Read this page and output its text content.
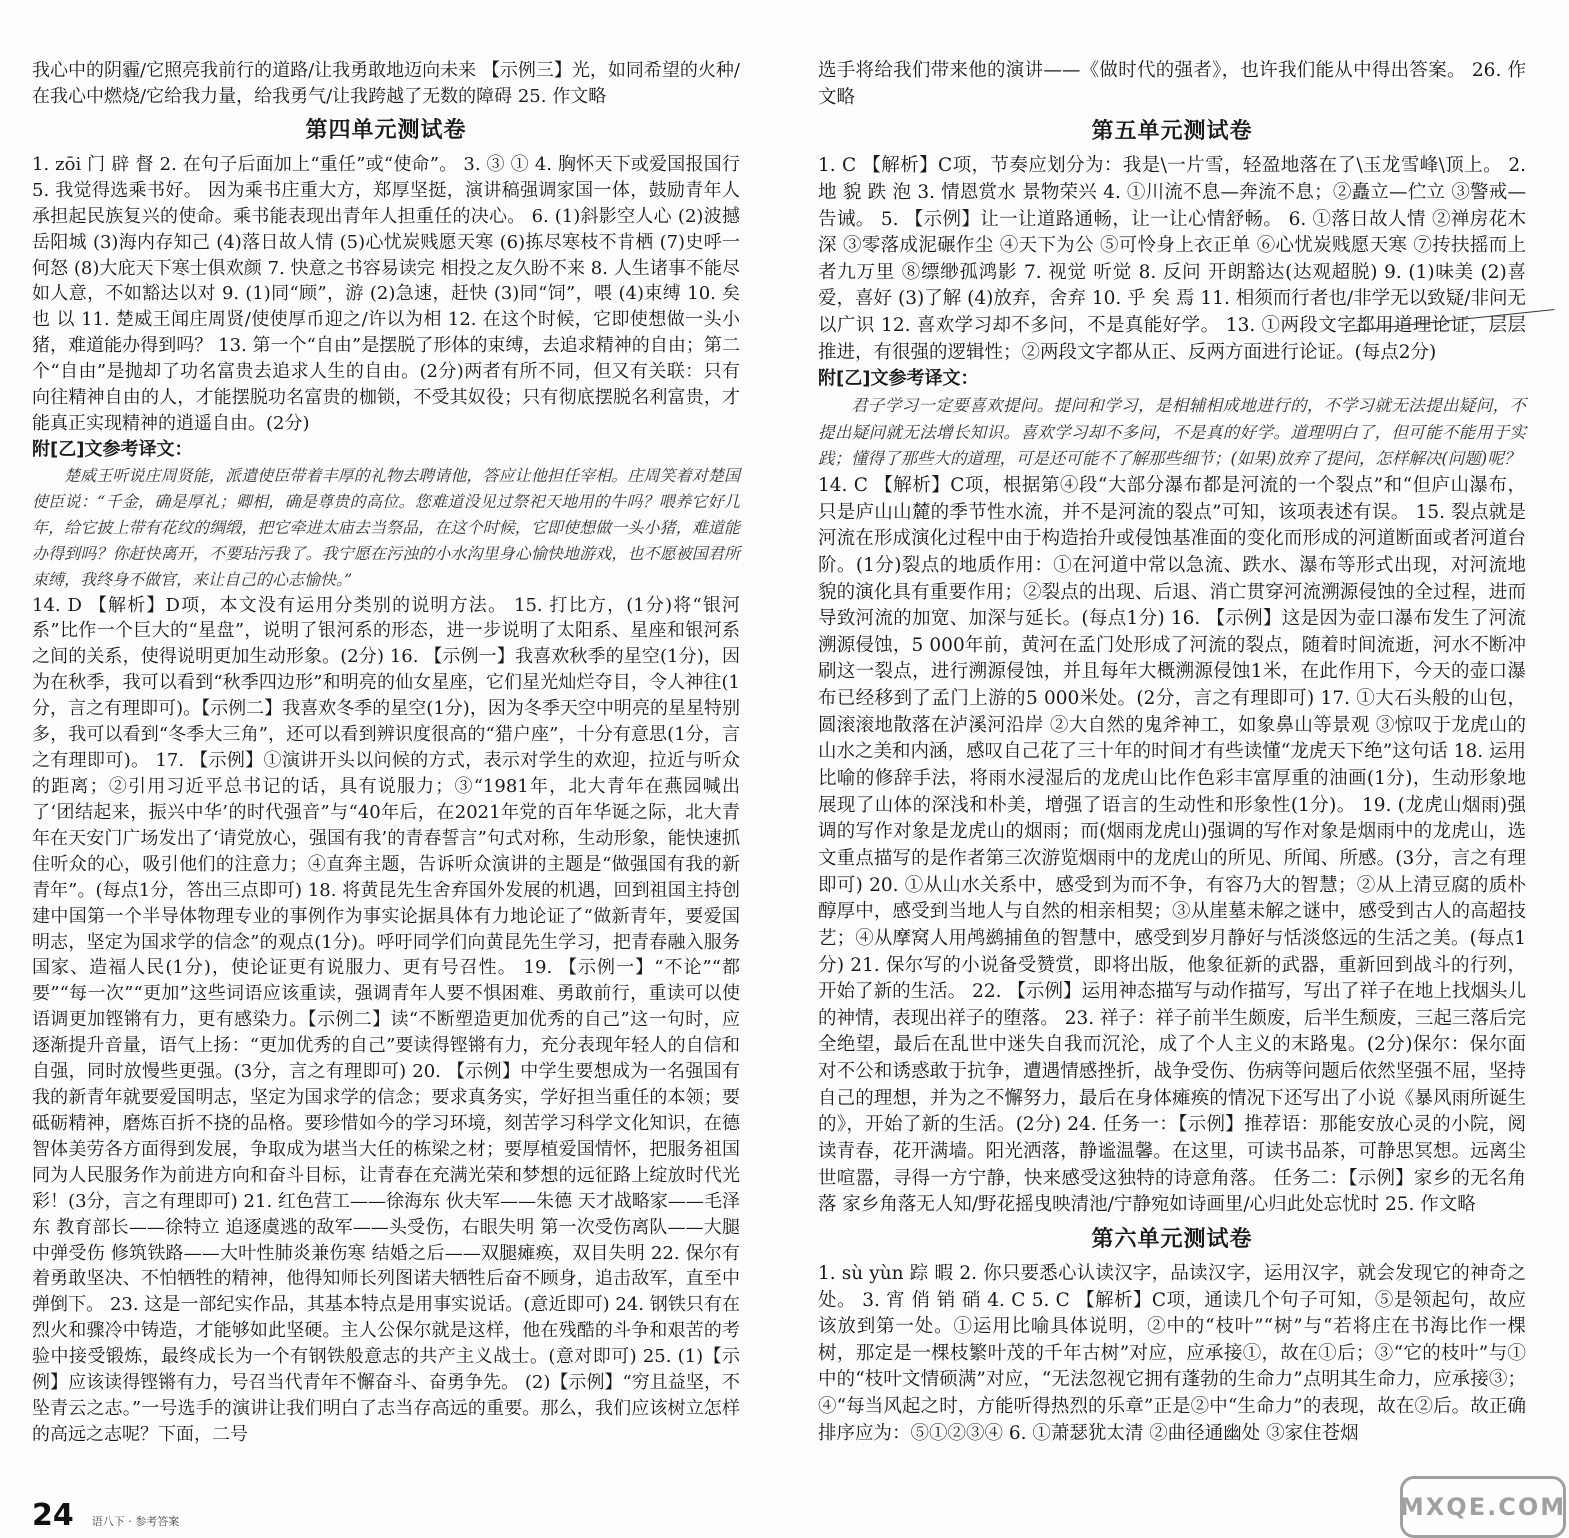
我心中的阴霾/它照亮我前行的道路/让我勇敢地迈向未来 【示例三】光，如同希望的火种/在我心中燃烧/它给我力量，给我勇气/让我跨越了无数的障碍 25. 作文略

第四单元测试卷

1. zōi 门 辟 督 2. 在句子后面加上“重任”或“使命”。 3. ③ ① 4. 胸怀天下或爱国报国行 5. 我觉得选乘书好。 因为乘书庄重大方，郑厚坚挺，演讲稿强调家国一体，鼓励青年人承担起民族复兴的使命。乘书能表现出青年人担重任的决心。 6. (1)斜影空人心 (2)波撼岳阳城 (3)海内存知己 (4)落日故人情 (5)心忧炭贱愿天寒 (6)拣尽寒枝不肯栖 (7)史呼一何怒 (8)大庇天下寒士俱欢颜 7. 快意之书容易读完 相投之友久盼不来 8. 人生诸事不能尽如人意，不如豁达以对 9. (1)同“顾”，游 (2)急速，赶快 (3)同“饲”，喂 (4)束缚 10. 矣 也 以 11. 楚威王闻庄周贤/使使厚币迎之/许以为相 12. 在这个时候，它即使想做一头小猪，难道能办得到吗？ 13. 第一个“自由”是摆脱了形体的束缚，去追求精神的自由；第二个“自由”是抛却了功名富贵去追求人生的自由。(2分)两者有所不同，但又有关联：只有向往精神自由的人，才能摆脱功名富贵的枷锁，不受其奴役；只有彻底摆脱名利富贵，才能真正实现精神的逍遥自由。(2分)

附[乙]文参考译文：

楚威王听说庄周贤能，派遣使臣带着丰厚的礼物去聘请他，答应让他担任宰相。庄周笑着对楚国使臣说：“千金，确是厚礼；卿相，确是尊贵的高位。您难道没见过祭祀天地用的牛吗？喂养它好几年，给它披上带有花纹的绸缎，把它牵进太庙去当祭品，在这个时候，它即使想做一头小猪，难道能办得到吗？你赶快离开，不要玷污我了。我宁愿在污浊的小水沟里身心愉快地游戏，也不愿被国君所束缚，我终身不做官，来让自己的心志愉快。”

14. D 【解析】D项，本文没有运用分类别的说明方法。 15. 打比方，(1分)将“银河系”比作一个巨大的“星盘”，说明了银河系的形态，进一步说明了太阳系、星座和银河系之间的关系，使得说明更加生动形象。(2分) 16. 【示例一】我喜欢秋季的星空(1分)，因为在秋季，我可以看到“秋季四边形”和明亮的仙女星座，它们星光灿烂夺目，令人神往(1分，言之有理即可)。【示例二】我喜欢冬季的星空(1分)，因为冬季天空中明亮的星星特别多，我可以看到“冬季大三角”，还可以看到辨识度很高的“猎户座”，十分有意思(1分，言之有理即可)。 17. 【示例】①演讲开头以问候的方式，表示对学生的欢迎，拉近与听众的距离；②引用习近平总书记的话，具有说服力；③“1981年，北大青年在燕园喊出了‘团结起来，振兴中华’的时代强音”与“40年后，在2021年党的百年华诞之际，北大青年在天安门广场发出了‘请党放心，强国有我’的青春誓言”句式对称，生动形象，能快速抓住听众的心，吸引他们的注意力；④直奔主题，告诉听众演讲的主题是“做强国有我的新青年”。(每点1分，答出三点即可) 18. 将黄昆先生舍弃国外发展的机遇，回到祖国主持创建中国第一个半导体物理专业的事例作为事实论据具体有力地论证了“做新青年，要爱国明志，坚定为国求学的信念”的观点(1分)。呼吁同学们向黄昆先生学习，把青春融入服务国家、造福人民(1分)，使论证更有说服力、更有号召性。 19. 【示例一】“不论”“都要”“每一次”“更加”这些词语应该重读，强调青年人要不惧困难、勇敢前行，重读可以使语调更加铿锵有力，更有感染力。【示例二】读“不断塑造更加优秀的自己”这一句时，应逐渐提升音量，语气上扬：“更加优秀的自己”要读得铿锵有力，充分表现年轻人的自信和自强，同时放慢些更强。(3分，言之有理即可) 20. 【示例】中学生要想成为一名强国有我的新青年就要爱国明志，坚定为国求学的信念；要求真务实，学好担当重任的本领；要砥砺精神，磨炼百折不挠的品格。要珍惜如今的学习环境，刻苦学习科学文化知识，在德智体美劳各方面得到发展，争取成为堪当大任的栋梁之材；要厚植爱国情怀，把服务祖国同为人民服务作为前进方向和奋斗目标，让青春在充满光荣和梦想的远征路上绽放时代光彩！(3分，言之有理即可) 21. 红色营工——徐海东 伙夫军——朱德 天才战略家——毛泽东 教育部长——徐特立 追逐虞逃的敌军——头受伤，右眼失明 第一次受伤离队——大腿中弹受伤 修筑铁路——大叶性肺炎兼伤寒 结婚之后——双腿瘫痪，双目失明 22. 保尔有着勇敢坚决、不怕牺牲的精神，他得知师长列图诺夫牺牲后奋不顾身，追击敌军，直至中弹倒下。 23. 这是一部纪实作品，其基本特点是用事实说话。(意近即可) 24. 钢铁只有在烈火和骤冷中铸造，才能够如此坚硬。主人公保尔就是这样，他在残酷的斗争和艰苦的考验中接受锻炼，最终成长为一个有钢铁般意志的共产主义战士。(意对即可) 25. (1)【示例】应该读得铿锵有力，号召当代青年不懈奋斗、奋勇争先。 (2)【示例】“穷且益坚，不坠青云之志。”一号选手的演讲让我们明白了志当存高远的重要。那么，我们应该树立怎样的高远之志呢？下面，二号

选手将给我们带来他的演讲——《做时代的强者》，也许我们能从中得出答案。 26. 作文略

第五单元测试卷

1. C 【解析】C项，节奏应划分为：我是\一片雪，轻盈地落在了\玉龙雪峰\顶上。 2. 地 貌 跌 泡 3. 情恩赏水 景物荣兴 4. ①川流不息—奔流不息；②矗立—伫立 ③警戒—告诫。 5. 【示例】让一让道路通畅，让一让心情舒畅。 6. ①落日故人情 ②禅房花木深 ③零落成泥碾作尘 ④天下为公 ⑤可怜身上衣正单 ⑥心忧炭贱愿天寒 ⑦抟扶摇而上者九万里 ⑧缥缈孤鸿影 7. 视觉 听觉 8. 反问 开朗豁达(达观超脱) 9. (1)味美 (2)喜爱，喜好 (3)了解 (4)放弃，舍弃 10. 乎 矣 焉 11. 相须而行者也/非学无以致疑/非问无以广识 12. 喜欢学习却不多问，不是真能好学。 13. ①两段文字都用道理论证，层层推进，有很强的逻辑性；②两段文字都从正、反两方面进行论证。(每点2分)

附[乙]文参考译文：

君子学习一定要喜欢提问。提问和学习，是相辅相成地进行的，不学习就无法提出疑问，不提出疑问就无法增长知识。喜欢学习却不多问，不是真的好学。道理明白了，但可能不能用于实践；懂得了那些大的道理，可是还可能不了解那些细节；(如果)放弃了提问，怎样解决(问题)呢？

14. C 【解析】C项，根据第④段“大部分瀑布都是河流的一个裂点”和“但庐山瀑布，只是庐山山麓的季节性水流，并不是河流的裂点”可知，该项表述有误。 15. 裂点就是河流在形成演化过程中由于构造抬升或侵蚀基准面的变化而形成的河道断面或者河道台阶。(1分)裂点的地质作用：①在河道中常以急流、跌水、瀑布等形式出现，对河流地貌的演化具有重要作用；②裂点的出现、后退、消亡贯穿河流溯源侵蚀的全过程，进而导致河流的加宽、加深与延长。(每点1分) 16. 【示例】这是因为壶口瀑布发生了河流溯源侵蚀，5 000年前，黄河在孟门处形成了河流的裂点，随着时间流逝，河水不断冲刷这一裂点，进行溯源侵蚀，并且每年大概溯源侵蚀1米，在此作用下，今天的壶口瀑布已经移到了孟门上游的5 000米处。(2分，言之有理即可) 17. ①大石头般的山包，圆滚滚地散落在泸溪河沿岸 ②大自然的鬼斧神工，如象鼻山等景观 ③惊叹于龙虎山的山水之美和内涵，感叹自己花了三十年的时间才有些读懂“龙虎天下绝”这句话 18. 运用比喻的修辞手法，将雨水浸湿后的龙虎山比作色彩丰富厚重的油画(1分)，生动形象地展现了山体的深浅和朴美，增强了语言的生动性和形象性(1分)。 19. (龙虎山烟雨)强调的写作对象是龙虎山的烟雨；而(烟雨龙虎山)强调的写作对象是烟雨中的龙虎山，选文重点描写的是作者第三次游览烟雨中的龙虎山的所见、所闻、所感。(3分，言之有理即可) 20. ①从山水关系中，感受到为而不争，有容乃大的智慧；②从上清豆腐的质朴醇厚中，感受到当地人与自然的相亲相契；③从崖墓未解之谜中，感受到古人的高超技艺；④从摩窝人用鸬鹚捕鱼的智慧中，感受到岁月静好与恬淡悠远的生活之美。(每点1分) 21. 保尔写的小说备受赞赏，即将出版，他象征新的武器，重新回到战斗的行列，开始了新的生活。 22. 【示例】运用神态描写与动作描写，写出了祥子在地上找烟头儿的神情，表现出祥子的堕落。 23. 祥子：祥子前半生颇废，后半生颓废，三起三落后完全绝望，最后在乱世中迷失自我而沉沦，成了个人主义的末路鬼。(2分)保尔：保尔面对不公和诱惑敢于抗争，遭遇情感挫折，战争受伤、伤病等问题后依然坚强不屈，坚持自己的理想，并为之不懈努力，最后在身体瘫痪的情况下还写出了小说《暴风雨所诞生的》，开始了新的生活。(2分) 24. 任务一：【示例】推荐语：那能安放心灵的小院，阅读青春，花开满墙。阳光洒落，静谧温馨。在这里，可读书品茶，可静思冥想。远离尘世喧嚣，寻得一方宁静，快来感受这独特的诗意角落。 任务二：【示例】家乡的无名角落 家乡角落无人知/野花摇曳映清池/宁静宛如诗画里/心归此处忘忧时 25. 作文略

第六单元测试卷

1. sù yùn 踪 暇 2. 你只要悉心认读汉字，品读汉字，运用汉字，就会发现它的神奇之处。 3. 宵 俏 销 硝 4. C 5. C 【解析】C项，通读几个句子可知，⑤是领起句，故应该放到第一处。①运用比喻具体说明，②中的“枝叶”“树”与“若将庄在书海比作一棵树，那定是一棵枝繁叶茂的千年古树”对应，应承接①，故在①后；③“它的枝叶”与①中的“枝叶文情硕满”对应，“无法忽视它拥有蓬勃的生命力”点明其生命力，应承接③；④“每当风起之时，方能听得热烈的乐章”正是②中“生命力”的表现，故在②后。故正确排序应为：⑤①②③④ 6. ①萧瑟犹太清 ②曲径通幽处 ③家住苍烟

24 语八下 · 参考答案
MXQE.COM
